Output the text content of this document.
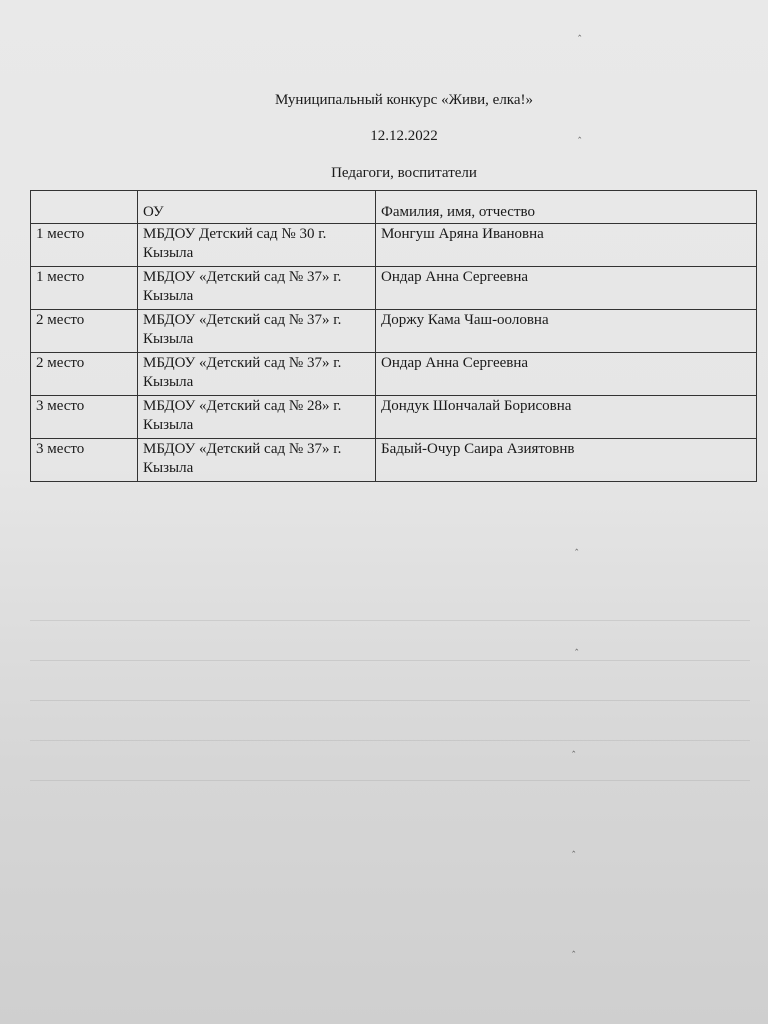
Муниципальный конкурс «Живи, елка!»
12.12.2022
Педагоги, воспитатели
	ОУ	Фамилия, имя, отчество
1 место	МБДОУ Детский сад № 30 г. Кызыла	Монгуш Аряна Ивановна
1 место	МБДОУ «Детский сад № 37» г. Кызыла	Ондар Анна Сергеевна
2 место	МБДОУ «Детский сад № 37» г. Кызыла	Доржу Кама Чаш-ооловна
2 место	МБДОУ «Детский сад № 37» г. Кызыла	Ондар Анна Сергеевна
3 место	МБДОУ «Детский сад № 28» г. Кызыла	Дондук Шончалай Борисовна
3 место	МБДОУ «Детский сад № 37» г. Кызыла	Бадый-Очур Саира Азиятовнв
‸
‸
‸
‸
‸
‸
‸
